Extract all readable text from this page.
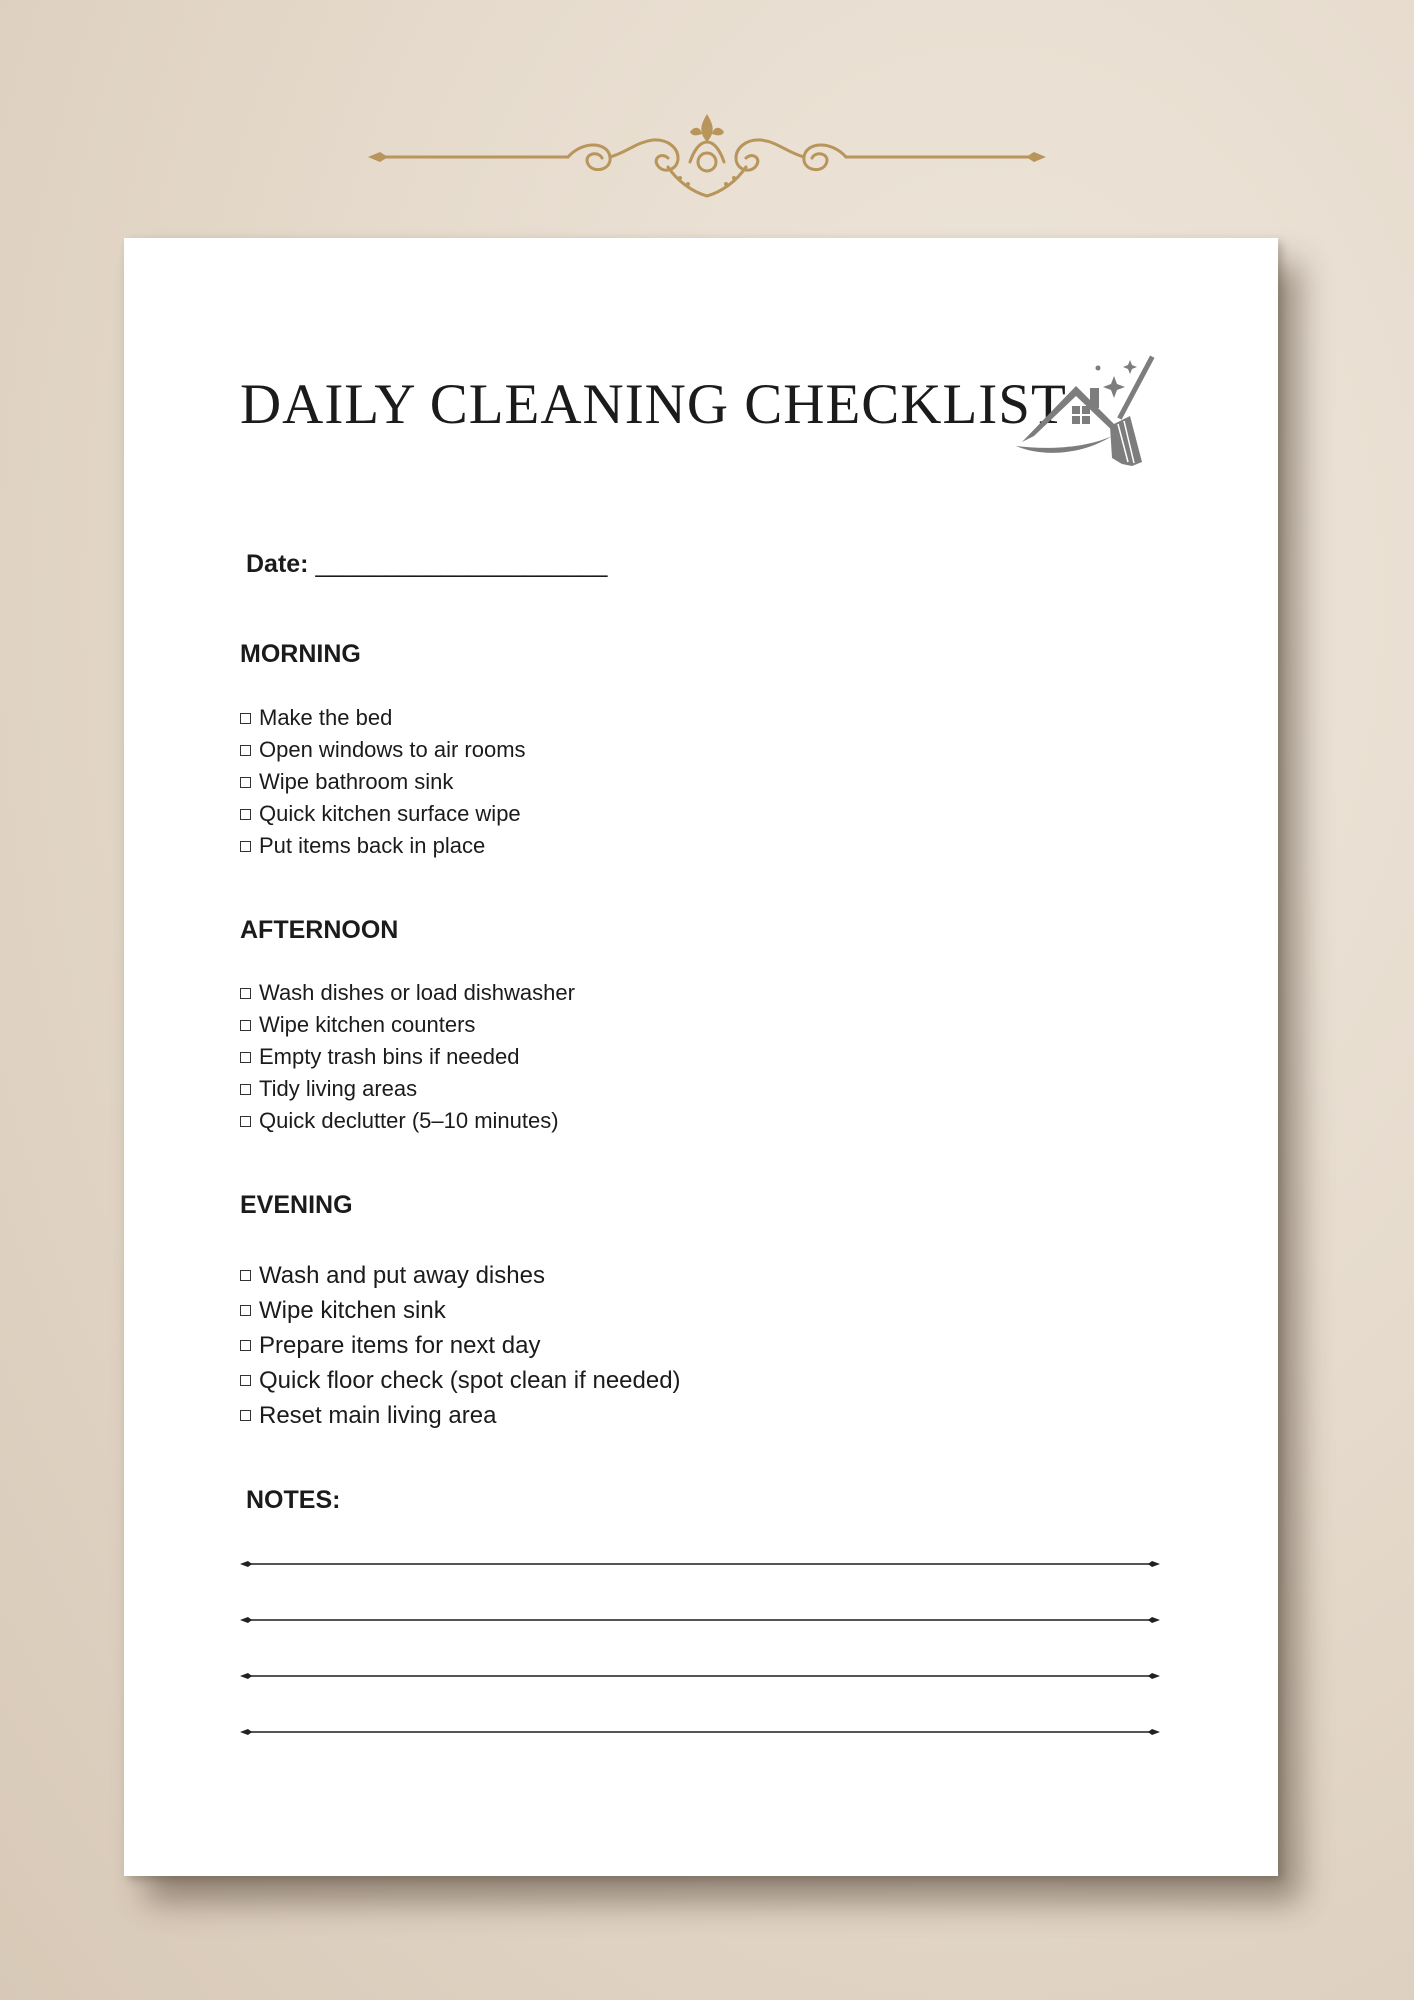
DAILY CLEANING CHECKLIST
Date: _____________________
MORNING
Make the bed
Open windows to air rooms
Wipe bathroom sink
Quick kitchen surface wipe
Put items back in place
AFTERNOON
Wash dishes or load dishwasher
Wipe kitchen counters
Empty trash bins if needed
Tidy living areas
Quick declutter (5–10 minutes)
EVENING
Wash and put away dishes
Wipe kitchen sink
Prepare items for next day
Quick floor check (spot clean if needed)
Reset main living area
NOTES:
